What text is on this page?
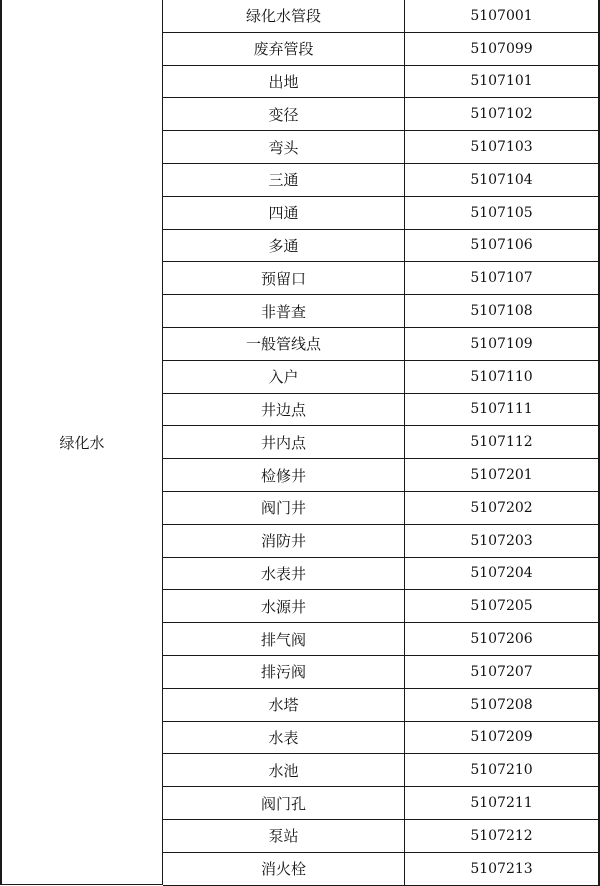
绿化水
绿化水管段	5107001
废弃管段	5107099
出地	5107101
变径	5107102
弯头	5107103
三通	5107104
四通	5107105
多通	5107106
预留口	5107107
非普查	5107108
一般管线点	5107109
入户	5107110
井边点	5107111
井内点	5107112
检修井	5107201
阀门井	5107202
消防井	5107203
水表井	5107204
水源井	5107205
排气阀	5107206
排污阀	5107207
水塔	5107208
水表	5107209
水池	5107210
阀门孔	5107211
泵站	5107212
消火栓	5107213
